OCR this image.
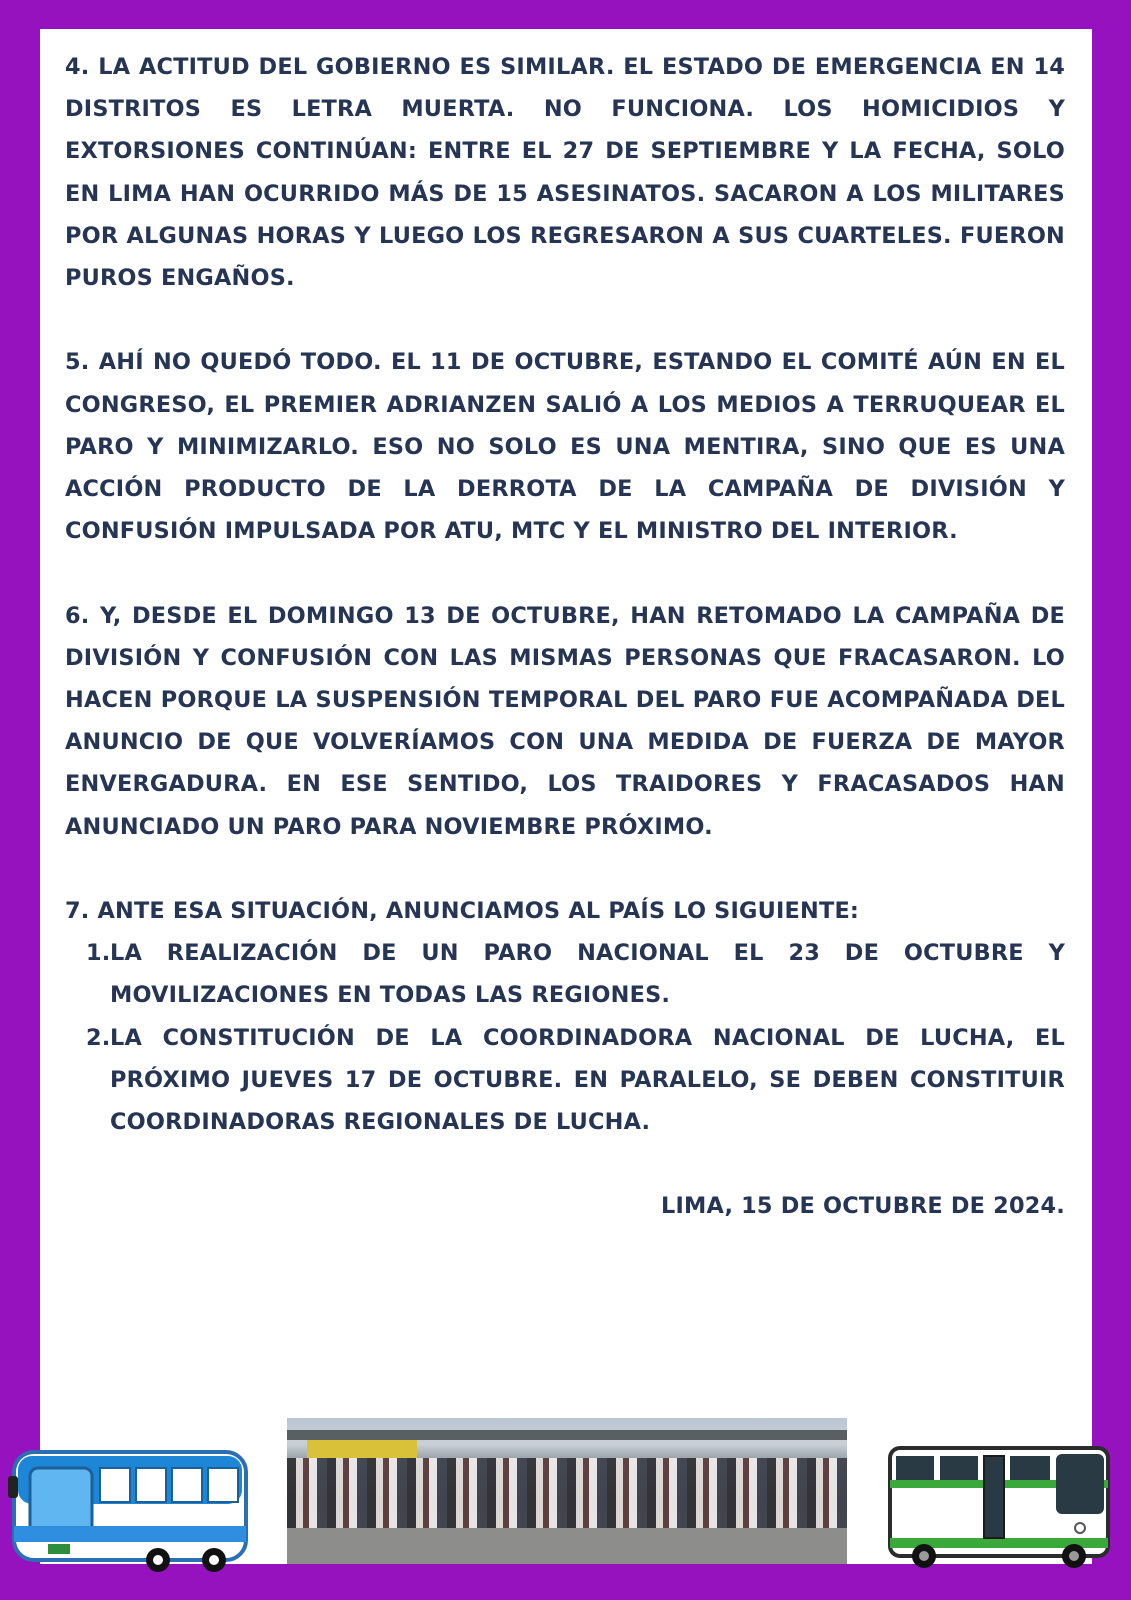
4. LA ACTITUD DEL GOBIERNO ES SIMILAR. EL ESTADO DE EMERGENCIA EN 14 DISTRITOS ES LETRA MUERTA. NO FUNCIONA. LOS HOMICIDIOS Y EXTORSIONES CONTINÚAN: ENTRE EL 27 DE SEPTIEMBRE Y LA FECHA, SOLO EN LIMA HAN OCURRIDO MÁS DE 15 ASESINATOS. SACARON A LOS MILITARES POR ALGUNAS HORAS Y LUEGO LOS REGRESARON A SUS CUARTELES. FUERON PUROS ENGAÑOS.

5. AHÍ NO QUEDÓ TODO. EL 11 DE OCTUBRE, ESTANDO EL COMITÉ AÚN EN EL CONGRESO, EL PREMIER ADRIANZEN SALIÓ A LOS MEDIOS A TERRUQUEAR EL PARO Y MINIMIZARLO. ESO NO SOLO ES UNA MENTIRA, SINO QUE ES UNA ACCIÓN PRODUCTO DE LA DERROTA DE LA CAMPAÑA DE DIVISIÓN Y CONFUSIÓN IMPULSADA POR ATU, MTC Y EL MINISTRO DEL INTERIOR.

6. Y, DESDE EL DOMINGO 13 DE OCTUBRE, HAN RETOMADO LA CAMPAÑA DE DIVISIÓN Y CONFUSIÓN CON LAS MISMAS PERSONAS QUE FRACASARON. LO HACEN PORQUE LA SUSPENSIÓN TEMPORAL DEL PARO FUE ACOMPAÑADA DEL ANUNCIO DE QUE VOLVERÍAMOS CON UNA MEDIDA DE FUERZA DE MAYOR ENVERGADURA. EN ESE SENTIDO, LOS TRAIDORES Y FRACASADOS HAN ANUNCIADO UN PARO PARA NOVIEMBRE PRÓXIMO.

7. ANTE ESA SITUACIÓN, ANUNCIAMOS AL PAÍS LO SIGUIENTE:
1. LA REALIZACIÓN DE UN PARO NACIONAL EL 23 DE OCTUBRE Y MOVILIZACIONES EN TODAS LAS REGIONES.
2. LA CONSTITUCIÓN DE LA COORDINADORA NACIONAL DE LUCHA, EL PRÓXIMO JUEVES 17 DE OCTUBRE. EN PARALELO, SE DEBEN CONSTITUIR COORDINADORAS REGIONALES DE LUCHA.
LIMA, 15 DE OCTUBRE DE 2024.
